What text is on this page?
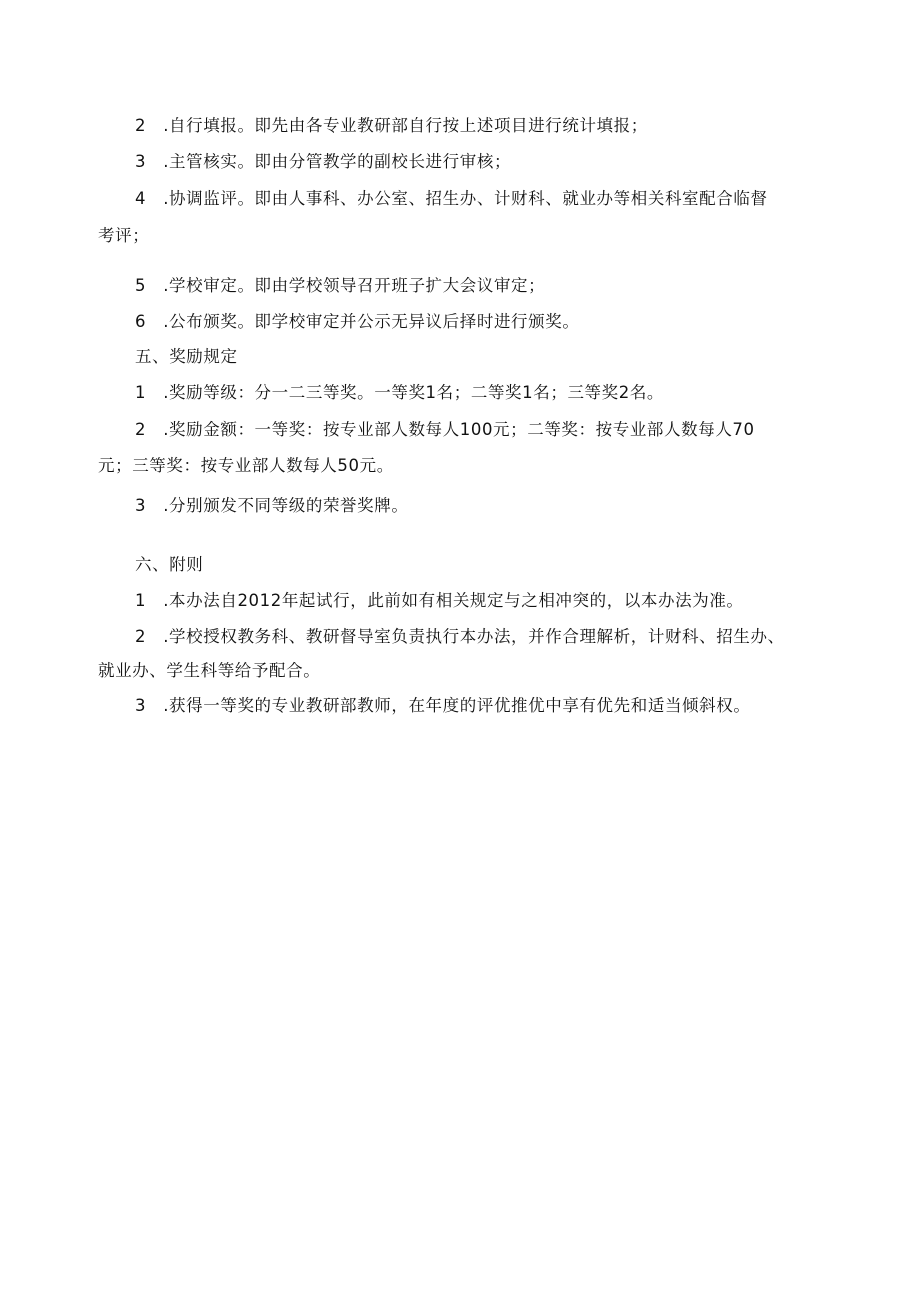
2　.自行填报。即先由各专业教研部自行按上述项目进行统计填报；
3　.主管核实。即由分管教学的副校长进行审核；
4　.协调监评。即由人事科、办公室、招生办、计财科、就业办等相关科室配合临督
考评；
5　.学校审定。即由学校领导召开班子扩大会议审定；
6　.公布颁奖。即学校审定并公示无异议后择时进行颁奖。
五、奖励规定
1　.奖励等级：分一二三等奖。一等奖1名；二等奖1名；三等奖2名。
2　.奖励金额：一等奖：按专业部人数每人100元；二等奖：按专业部人数每人70
元；三等奖：按专业部人数每人50元。
3　.分别颁发不同等级的荣誉奖牌。
六、附则
1　.本办法自2012年起试行，此前如有相关规定与之相冲突的，以本办法为准。
2　.学校授权教务科、教研督导室负责执行本办法，并作合理解析，计财科、招生办、
就业办、学生科等给予配合。
3　.获得一等奖的专业教研部教师，在年度的评优推优中享有优先和适当倾斜权。
